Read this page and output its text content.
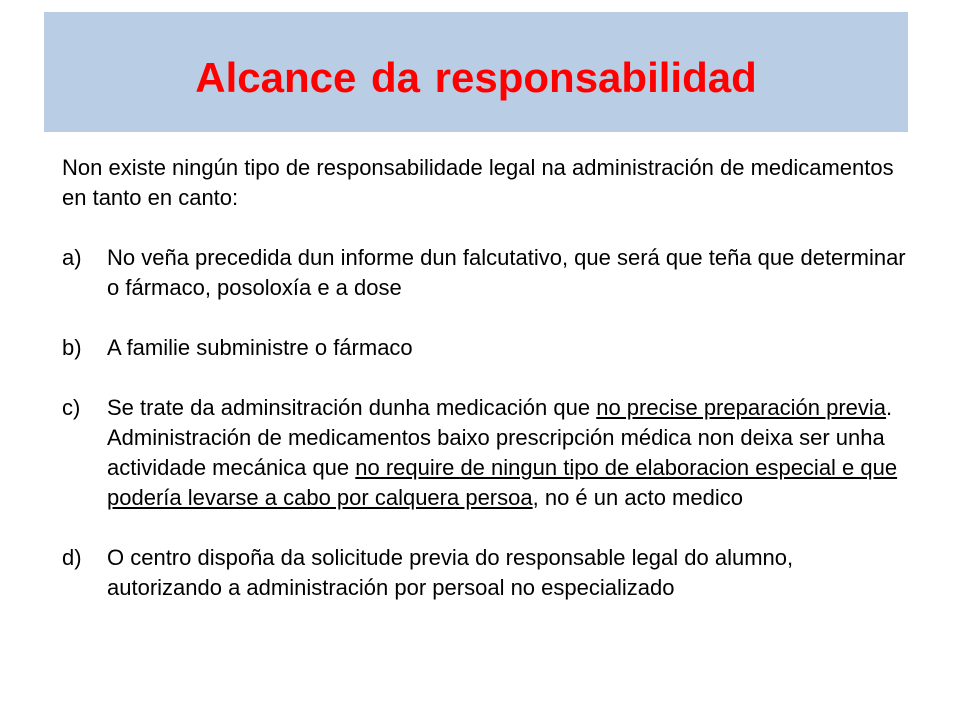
Alcance da responsabilidad

Non existe ningún tipo de responsabilidade legal na administración de medicamentos en tanto en canto:

a) No veña precedida dun informe dun falcutativo, que será que teña que determinar o fármaco, posoloxía e a dose
b) A familie subministre o fármaco
c) Se trate da adminsitración dunha medicación que no precise preparación previa. Administración de medicamentos baixo prescripción médica non deixa ser unha actividade mecánica que no require de ningun tipo de elaboracion especial e que podería levarse a cabo por calquera persoa, no é un acto medico
d) O centro dispoña da solicitude previa do responsable legal do alumno, autorizando a administración por persoal no especializado
